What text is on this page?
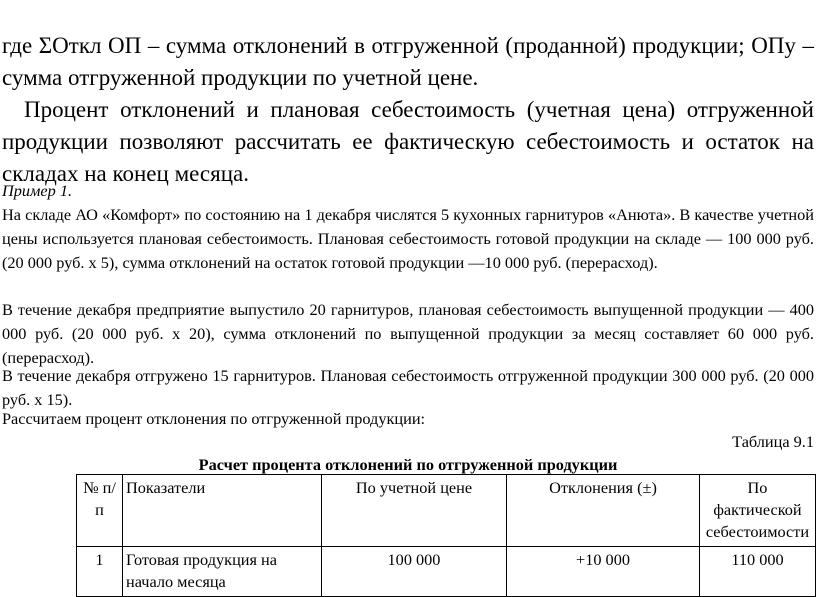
где ΣОткл ОП – сумма отклонений в отгруженной (проданной) продукции; ОПу – сумма отгруженной продукции по учетной цене.

Процент отклонений и плановая себестоимость (учетная цена) отгруженной продукции позволяют рассчитать ее фактическую себестоимость и остаток на складах на конец месяца.

Пример 1.

На складе АО «Комфорт» по состоянию на 1 декабря числятся 5 кухонных гарнитуров «Анюта». В качестве учетной цены используется плановая себестоимость. Плановая себестоимость готовой продукции на складе — 100 000 руб. (20 000 руб. х 5), сумма отклонений на остаток готовой продукции —10 000 руб. (перерасход).

В течение декабря предприятие выпустило 20 гарнитуров, плановая себестоимость выпущенной продукции — 400 000 руб. (20 000 руб. х 20), сумма отклонений по выпущенной продукции за месяц составляет 60 000 руб. (перерасход).

В течение декабря отгружено 15 гарнитуров. Плановая себестоимость отгруженной продукции 300 000 руб. (20 000 руб. х 15).

Рассчитаем процент отклонения по отгруженной продукции:

Таблица 9.1

Расчет процента отклонений по отгруженной продукции

№ п/п	Показатели	По учетной цене	Отклонения (±)	По фактической себестоимости
1	Готовая продукция на начало месяца	100 000	+10 000	110 000
